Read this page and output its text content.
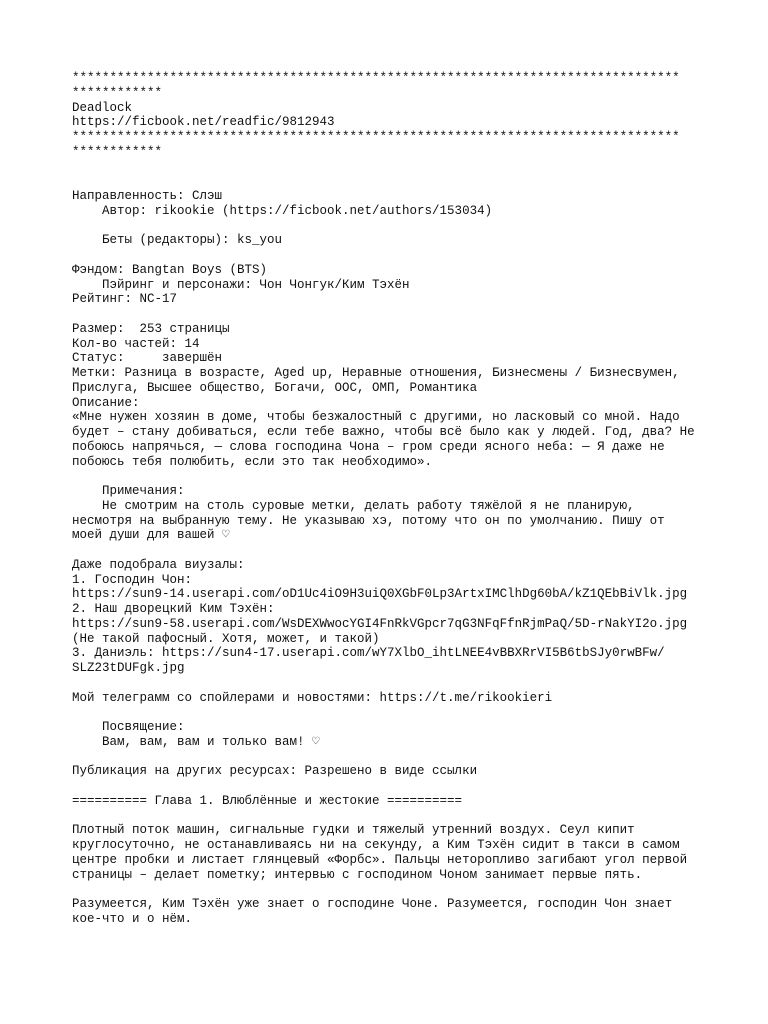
*********************************************************************************
************
Deadlock
https://ficbook.net/readfic/9812943
*********************************************************************************
************
Направленность: Слэш
Автор: rikookie (https://ficbook.net/authors/153034)
Беты (редакторы): ks_you
Фэндом: Bangtan Boys (BTS)
Пэйринг и персонажи: Чон Чонгук/Ким Тэхён
Рейтинг: NC-17
Размер:  253 страницы
Кол-во частей: 14
Статус:     завершён
Метки: Разница в возрасте, Aged up, Неравные отношения, Бизнесмены / Бизнесвумен,
Прислуга, Высшее общество, Богачи, ООС, ОМП, Романтика
Описание:
«Мне нужен хозяин в доме, чтобы безжалостный с другими, но ласковый со мной. Надо
будет – стану добиваться, если тебе важно, чтобы всё было как у людей. Год, два? Не
побоюсь напрячься, — слова господина Чона – гром среди ясного неба: — Я даже не
побоюсь тебя полюбить, если это так необходимо».
Примечания:
Не смотрим на столь суровые метки, делать работу тяжёлой я не планирую,
несмотря на выбранную тему. Не указываю хэ, потому что он по умолчанию. Пишу от
моей души для вашей ♡
Даже подобрала виузалы:
1. Господин Чон:
https://sun9-14.userapi.com/oD1Uc4iO9H3uiQ0XGbF0Lp3ArtxIMClhDg60bA/kZ1QEbBiVlk.jpg
2. Наш дворецкий Ким Тэхён:
https://sun9-58.userapi.com/WsDEXWwocYGI4FnRkVGpcr7qG3NFqFfnRjmPaQ/5D-rNakYI2o.jpg
(Не такой пафосный. Хотя, может, и такой)
3. Даниэль: https://sun4-17.userapi.com/wY7XlbO_ihtLNEE4vBBXRrVI5B6tbSJy0rwBFw/
SLZ23tDUFgk.jpg
Мой телеграмм со спойлерами и новостями: https://t.me/rikookieri
Посвящение:
Вам, вам, вам и только вам! ♡
Публикация на других ресурсах: Разрешено в виде ссылки
========== Глава 1. Влюблённые и жестокие ==========
Плотный поток машин, сигнальные гудки и тяжелый утренний воздух. Сеул кипит
круглосуточно, не останавливаясь ни на секунду, а Ким Тэхён сидит в такси в самом
центре пробки и листает глянцевый «Форбс». Пальцы неторопливо загибают угол первой
страницы – делает пометку; интервью с господином Чоном занимает первые пять.
Разумеется, Ким Тэхён уже знает о господине Чоне. Разумеется, господин Чон знает
кое-что и о нём.
